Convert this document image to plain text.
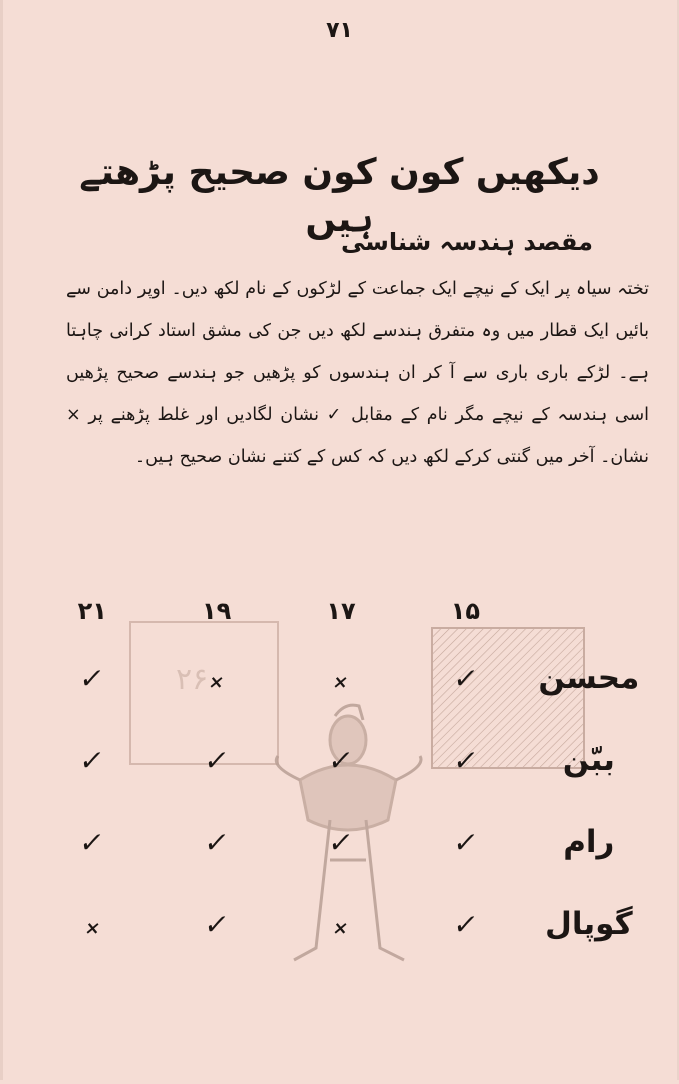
۷۱
دیکھیں کون کون صحیح پڑھتے ہیں
مقصد ہندسہ شناسی

تختہ سیاہ پر ایک کے نیچے ایک جماعت کے لڑکوں کے نام لکھ دیں۔ اوپر دامن سے بائیں ایک قطار میں وہ متفرق ہندسے لکھ دیں جن کی مشق استاد کرانی چاہتا ہے۔ لڑکے باری باری سے آ کر ان ہندسوں کو پڑھیں جو ہندسے صحیح پڑھیں اسی ہندسہ کے نیچے مگر نام کے مقابل ✓ نشان لگادیں اور غلط پڑھنے پر × نشان۔ آخر میں گنتی کرکے لکھ دیں کہ کس کے کتنے نشان صحیح ہیں۔

	۱۵	۱۷	۱۹	۲۱
محسن	✓	×	×	✓
ببّن	✓	✓	✓	✓
رام	✓	✓	✓	✓
گوپال	✓	×	✓	×
۲۶
